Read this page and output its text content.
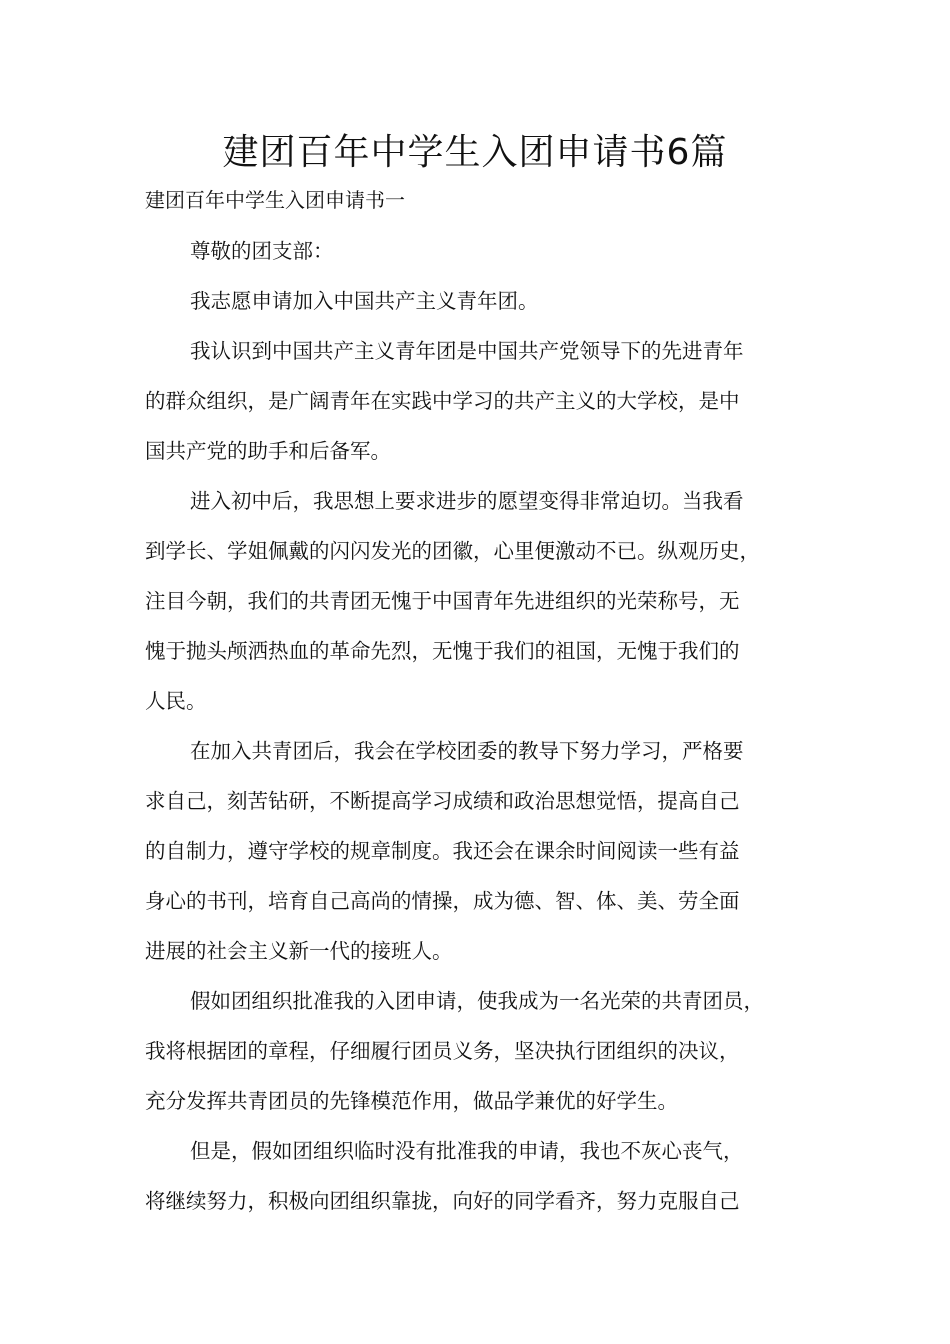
建团百年中学生入团申请书6篇

建团百年中学生入团申请书一

尊敬的团支部：

我志愿申请加入中国共产主义青年团。

我认识到中国共产主义青年团是中国共产党领导下的先进青年

的群众组织，是广阔青年在实践中学习的共产主义的大学校，是中

国共产党的助手和后备军。

进入初中后，我思想上要求进步的愿望变得非常迫切。当我看

到学长、学姐佩戴的闪闪发光的团徽，心里便激动不已。纵观历史，

注目今朝，我们的共青团无愧于中国青年先进组织的光荣称号，无

愧于抛头颅洒热血的革命先烈，无愧于我们的祖国，无愧于我们的

人民。

在加入共青团后，我会在学校团委的教导下努力学习，严格要

求自己，刻苦钻研，不断提高学习成绩和政治思想觉悟，提高自己

的自制力，遵守学校的规章制度。我还会在课余时间阅读一些有益

身心的书刊，培育自己高尚的情操，成为德、智、体、美、劳全面

进展的社会主义新一代的接班人。

假如团组织批准我的入团申请，使我成为一名光荣的共青团员，

我将根据团的章程，仔细履行团员义务，坚决执行团组织的决议，

充分发挥共青团员的先锋模范作用，做品学兼优的好学生。

但是，假如团组织临时没有批准我的申请，我也不灰心丧气，

将继续努力，积极向团组织靠拢，向好的同学看齐，努力克服自己
